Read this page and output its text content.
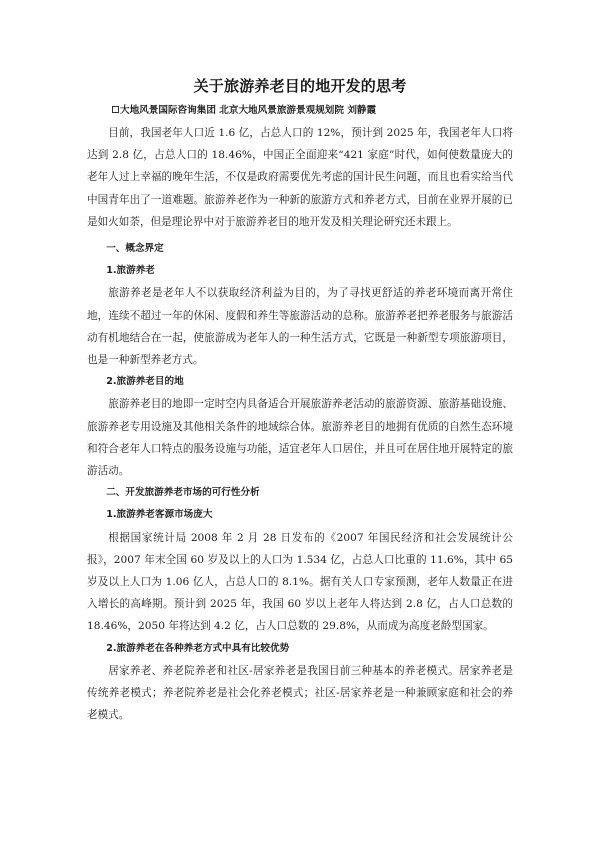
关于旅游养老目的地开发的思考
大地风景国际咨询集团 北京大地风景旅游景观规划院 刘静霞

目前，我国老年人口近 1.6 亿，占总人口的 12%，预计到 2025 年，我国老年人口将达到 2.8 亿，占总人口的 18.46%，中国正全面迎来“421 家庭”时代，如何使数量庞大的老年人过上幸福的晚年生活，不仅是政府需要优先考虑的国计民生问题，而且也看实给当代中国青年出了一道难题。旅游养老作为一种新的旅游方式和养老方式，目前在业界开展的已是如火如荼，但是理论界中对于旅游养老目的地开发及相关理论研究还未跟上。

一、概念界定
1.旅游养老

旅游养老是老年人不以获取经济利益为目的，为了寻找更舒适的养老环境而离开常住地，连续不超过一年的休闲、度假和养生等旅游活动的总称。旅游养老把养老服务与旅游活动有机地结合在一起，使旅游成为老年人的一种生活方式，它既是一种新型专项旅游项目，也是一种新型养老方式。

2.旅游养老目的地

旅游养老目的地即一定时空内具备适合开展旅游养老活动的旅游资源、旅游基础设施、旅游养老专用设施及其他相关条件的地域综合体。旅游养老目的地拥有优质的自然生态环境和符合老年人口特点的服务设施与功能，适宜老年人口居住，并且可在居住地开展特定的旅游活动。

二、开发旅游养老市场的可行性分析
1.旅游养老客源市场庞大

根据国家统计局 2008 年 2 月 28 日发布的《2007 年国民经济和社会发展统计公报》，2007 年末全国 60 岁及以上的人口为 1.534 亿，占总人口比重的 11.6%，其中 65 岁及以上人口为 1.06 亿人，占总人口的 8.1%。据有关人口专家预测，老年人数量正在进入增长的高峰期。预计到 2025 年，我国 60 岁以上老年人将达到 2.8 亿，占人口总数的 18.46%，2050 年将达到 4.2 亿，占人口总数的 29.8%，从而成为高度老龄型国家。

2.旅游养老在各种养老方式中具有比较优势

居家养老、养老院养老和社区-居家养老是我国目前三种基本的养老模式。居家养老是传统养老模式；养老院养老是社会化养老模式；社区-居家养老是一种兼顾家庭和社会的养老模式。
